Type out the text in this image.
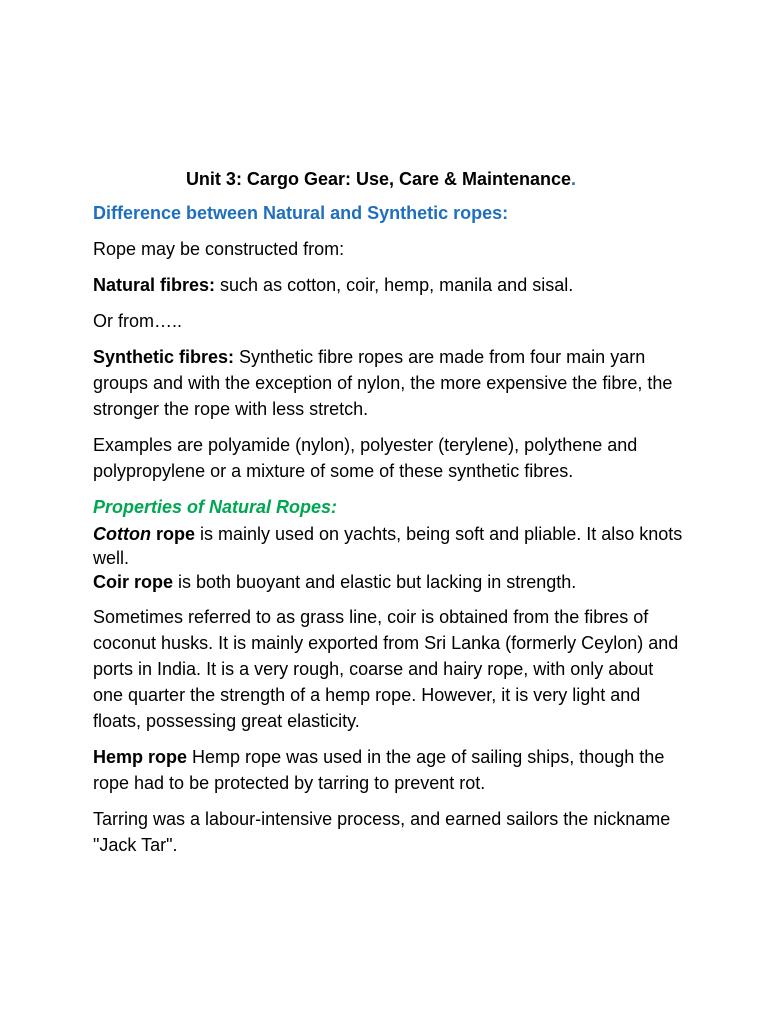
Unit 3: Cargo Gear: Use, Care & Maintenance.
Difference between Natural and Synthetic ropes:

Rope may be constructed from:

Natural fibres: such as cotton, coir, hemp, manila and sisal.

Or from…..

Synthetic fibres: Synthetic fibre ropes are made from four main yarn groups and with the exception of nylon, the more expensive the fibre, the stronger the rope with less stretch.

Examples are polyamide (nylon), polyester (terylene), polythene and polypropylene or a mixture of some of these synthetic fibres.

Properties of Natural Ropes:

Cotton rope is mainly used on yachts, being soft and pliable. It also knots well.

Coir rope is both buoyant and elastic but lacking in strength.

Sometimes referred to as grass line, coir is obtained from the fibres of coconut husks. It is mainly exported from Sri Lanka (formerly Ceylon) and ports in India. It is a very rough, coarse and hairy rope, with only about one quarter the strength of a hemp rope. However, it is very light and floats, possessing great elasticity.

Hemp rope Hemp rope was used in the age of sailing ships, though the rope had to be protected by tarring to prevent rot.

Tarring was a labour-intensive process, and earned sailors the nickname "Jack Tar".
